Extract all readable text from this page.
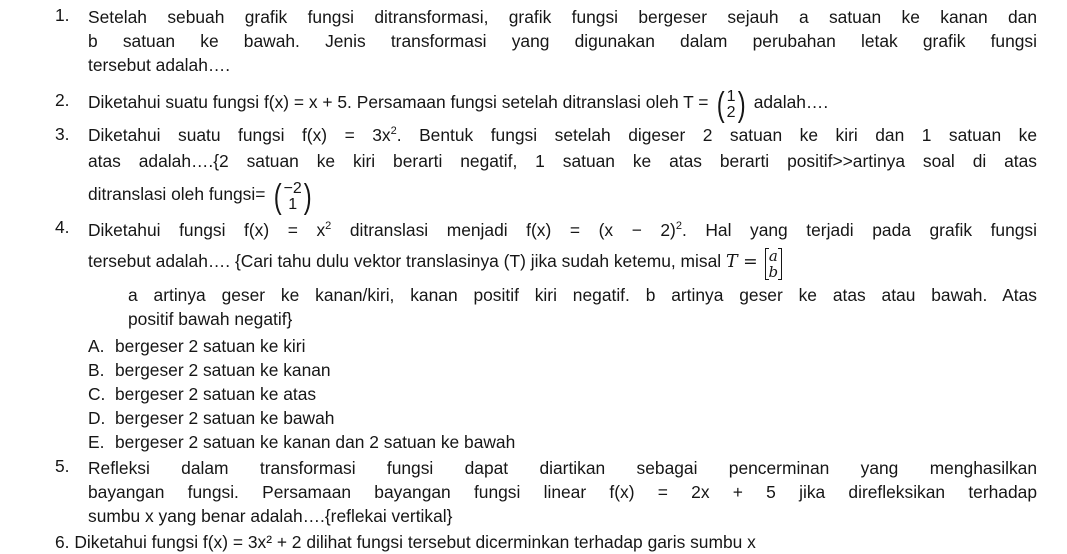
1. Setelah sebuah grafik fungsi ditransformasi, grafik fungsi bergeser sejauh a satuan ke kanan dan
b satuan ke bawah. Jenis transformasi yang digunakan dalam perubahan letak grafik fungsi
tersebut adalah….
2. Diketahui suatu fungsi f(x) = x + 5. Persamaan fungsi setelah ditranslasi oleh T = ( 1
2 ) adalah….
3. Diketahui suatu fungsi $f(x) = 3x^2$. Bentuk fungsi setelah digeser 2 satuan ke kiri dan 1 satuan ke
atas adalah….{2 satuan ke kiri berarti negatif, 1 satuan ke atas berarti positif>>artinya soal di atas
ditranslasi oleh fungsi= ( −2
1 )
4. Diketahui fungsi $f(x) = x^2$ ditranslasi menjadi $f(x) = (x - 2)^2$. Hal yang terjadi pada grafik fungsi
tersebut adalah…. {Cari tahu dulu vektor translasinya (T) jika sudah ketemu, misal T = a
b
a artinya geser ke kanan/kiri, kanan positif kiri negatif. b artinya geser ke atas atau bawah. Atas
positif bawah negatif}
A. bergeser 2 satuan ke kiri
B. bergeser 2 satuan ke kanan
C. bergeser 2 satuan ke atas
D. bergeser 2 satuan ke bawah
E. bergeser 2 satuan ke kanan dan 2 satuan ke bawah
5. Refleksi dalam transformasi fungsi dapat diartikan sebagai pencerminan yang menghasilkan
bayangan fungsi. Persamaan bayangan fungsi linear f(x) = 2x + 5 jika direfleksikan terhadap
sumbu x yang benar adalah….{reflekai vertikal}
6. Diketahui fungsi f(x) = 3x² + 2 dilihat fungsi tersebut dicerminkan terhadap garis sumbu x
